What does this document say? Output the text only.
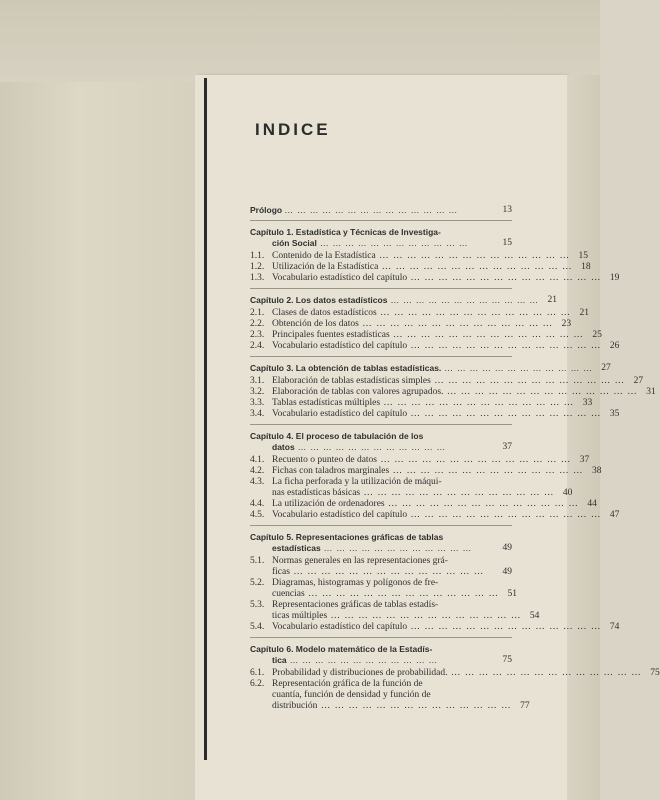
INDICE
Prólogo … … … … … … … … … … … … … …	13
Capítulo 1. Estadística y Técnicas de Investiga-
ción Social … … … … … … … … … … … …	15
1.1. Contenido de la Estadística … … … … … … … … … … … … … … 15
1.2. Utilización de la Estadística … … … … … … … … … … … … … … 18
1.3. Vocabulario estadístico del capítulo … … … … … … … … … … … … … … 19
Capítulo 2. Los datos estadísticos … … … … … … … … … … … … 21
2.1. Clases de datos estadísticos … … … … … … … … … … … … … … 21
2.2. Obtención de los datos … … … … … … … … … … … … … … 23
2.3. Principales fuentes estadísticas … … … … … … … … … … … … … … 25
2.4. Vocabulario estadístico del capítulo … … … … … … … … … … … … … … 26
Capítulo 3. La obtención de tablas estadísticas. … … … … … … … … … … … … 27
3.1. Elaboración de tablas estadísticas simples … … … … … … … … … … … … … … 27
3.2. Elaboración de tablas con valores agrupados. … … … … … … … … … … … … … … 31
3.3. Tablas estadísticas múltiples … … … … … … … … … … … … … … 33
3.4. Vocabulario estadístico del capítulo … … … … … … … … … … … … … … 35
Capítulo 4. El proceso de tabulación de los
datos … … … … … … … … … … … …	37
4.1. Recuento o punteo de datos … … … … … … … … … … … … … … 37
4.2. Fichas con taladros marginales … … … … … … … … … … … … … … 38
4.3. La ficha perforada y la utilización de máqui-
nas estadísticas básicas … … … … … … … … … … … … … … 40
4.4. La utilización de ordenadores … … … … … … … … … … … … … … 44
4.5. Vocabulario estadístico del capítulo … … … … … … … … … … … … … … 47
Capítulo 5. Representaciones gráficas de tablas
estadísticas … … … … … … … … … … … …	49
5.1. Normas generales en las representaciones grá-
ficas … … … … … … … … … … … … … …	49
5.2. Diagramas, histogramas y polígonos de fre-
cuencias … … … … … … … … … … … … … … 51
5.3. Representaciones gráficas de tablas estadís-
ticas múltiples … … … … … … … … … … … … … … 54
5.4. Vocabulario estadístico del capítulo … … … … … … … … … … … … … … 74
Capítulo 6. Modelo matemático de la Estadís-
tica … … … … … … … … … … … …	75
6.1. Probabilidad y distribuciones de probabilidad. … … … … … … … … … … … … … … 75
6.2. Representación gráfica de la función de
cuantía, función de densidad y función de
distribución … … … … … … … … … … … … … … 77
